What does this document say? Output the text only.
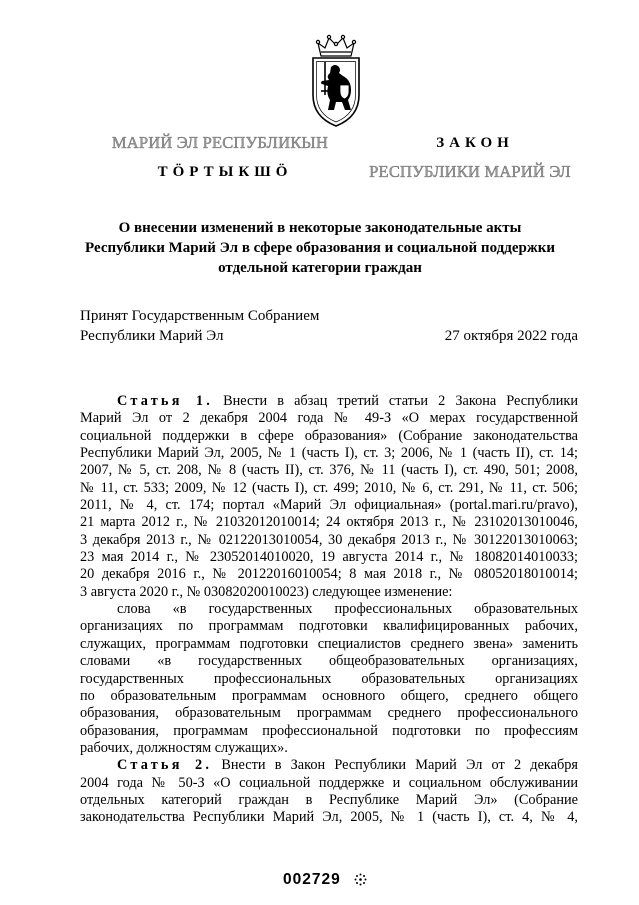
МАРИЙ ЭЛ РЕСПУБЛИКЫН	ЗАКОН
ТӦРТЫКШӦ	РЕСПУБЛИКИ МАРИЙ ЭЛ
О внесении изменений в некоторые законодательные акты
Республики Марий Эл в сфере образования и социальной поддержки
отдельной категории граждан
Принят Государственным Собранием
Республики Марий Эл	27 октября 2022 года
Статья 1. Внести в абзац третий статьи 2 Закона Республики
Марий Эл от 2 декабря 2004 года № 49-З «О мерах государственной
социальной поддержки в сфере образования» (Собрание законодательства
Республики Марий Эл, 2005, № 1 (часть I), ст. 3; 2006, № 1 (часть II), ст. 14;
2007, № 5, ст. 208, № 8 (часть II), ст. 376, № 11 (часть I), ст. 490, 501; 2008,
№ 11, ст. 533; 2009, № 12 (часть I), ст. 499; 2010, № 6, ст. 291, № 11, ст. 506;
2011, № 4, ст. 174; портал «Марий Эл официальная» (portal.mari.ru/pravo),
21 марта 2012 г., № 21032012010014; 24 октября 2013 г., № 23102013010046,
3 декабря 2013 г., № 02122013010054, 30 декабря 2013 г., № 30122013010063;
23 мая 2014 г., № 23052014010020, 19 августа 2014 г., № 18082014010033;
20 декабря 2016 г., № 20122016010054; 8 мая 2018 г., № 08052018010014;
3 августа 2020 г., № 03082020010023) следующее изменение:
слова «в государственных профессиональных образовательных
организациях по программам подготовки квалифицированных рабочих,
служащих, программам подготовки специалистов среднего звена» заменить
словами «в государственных общеобразовательных организациях,
государственных профессиональных образовательных организациях
по образовательным программам основного общего, среднего общего
образования, образовательным программам среднего профессионального
образования, программам профессиональной подготовки по профессиям
рабочих, должностям служащих».
Статья 2. Внести в Закон Республики Марий Эл от 2 декабря
2004 года № 50-З «О социальной поддержке и социальном обслуживании
отдельных категорий граждан в Республике Марий Эл» (Собрание
законодательства Республики Марий Эл, 2005, № 1 (часть I), ст. 4, № 4,
002729
